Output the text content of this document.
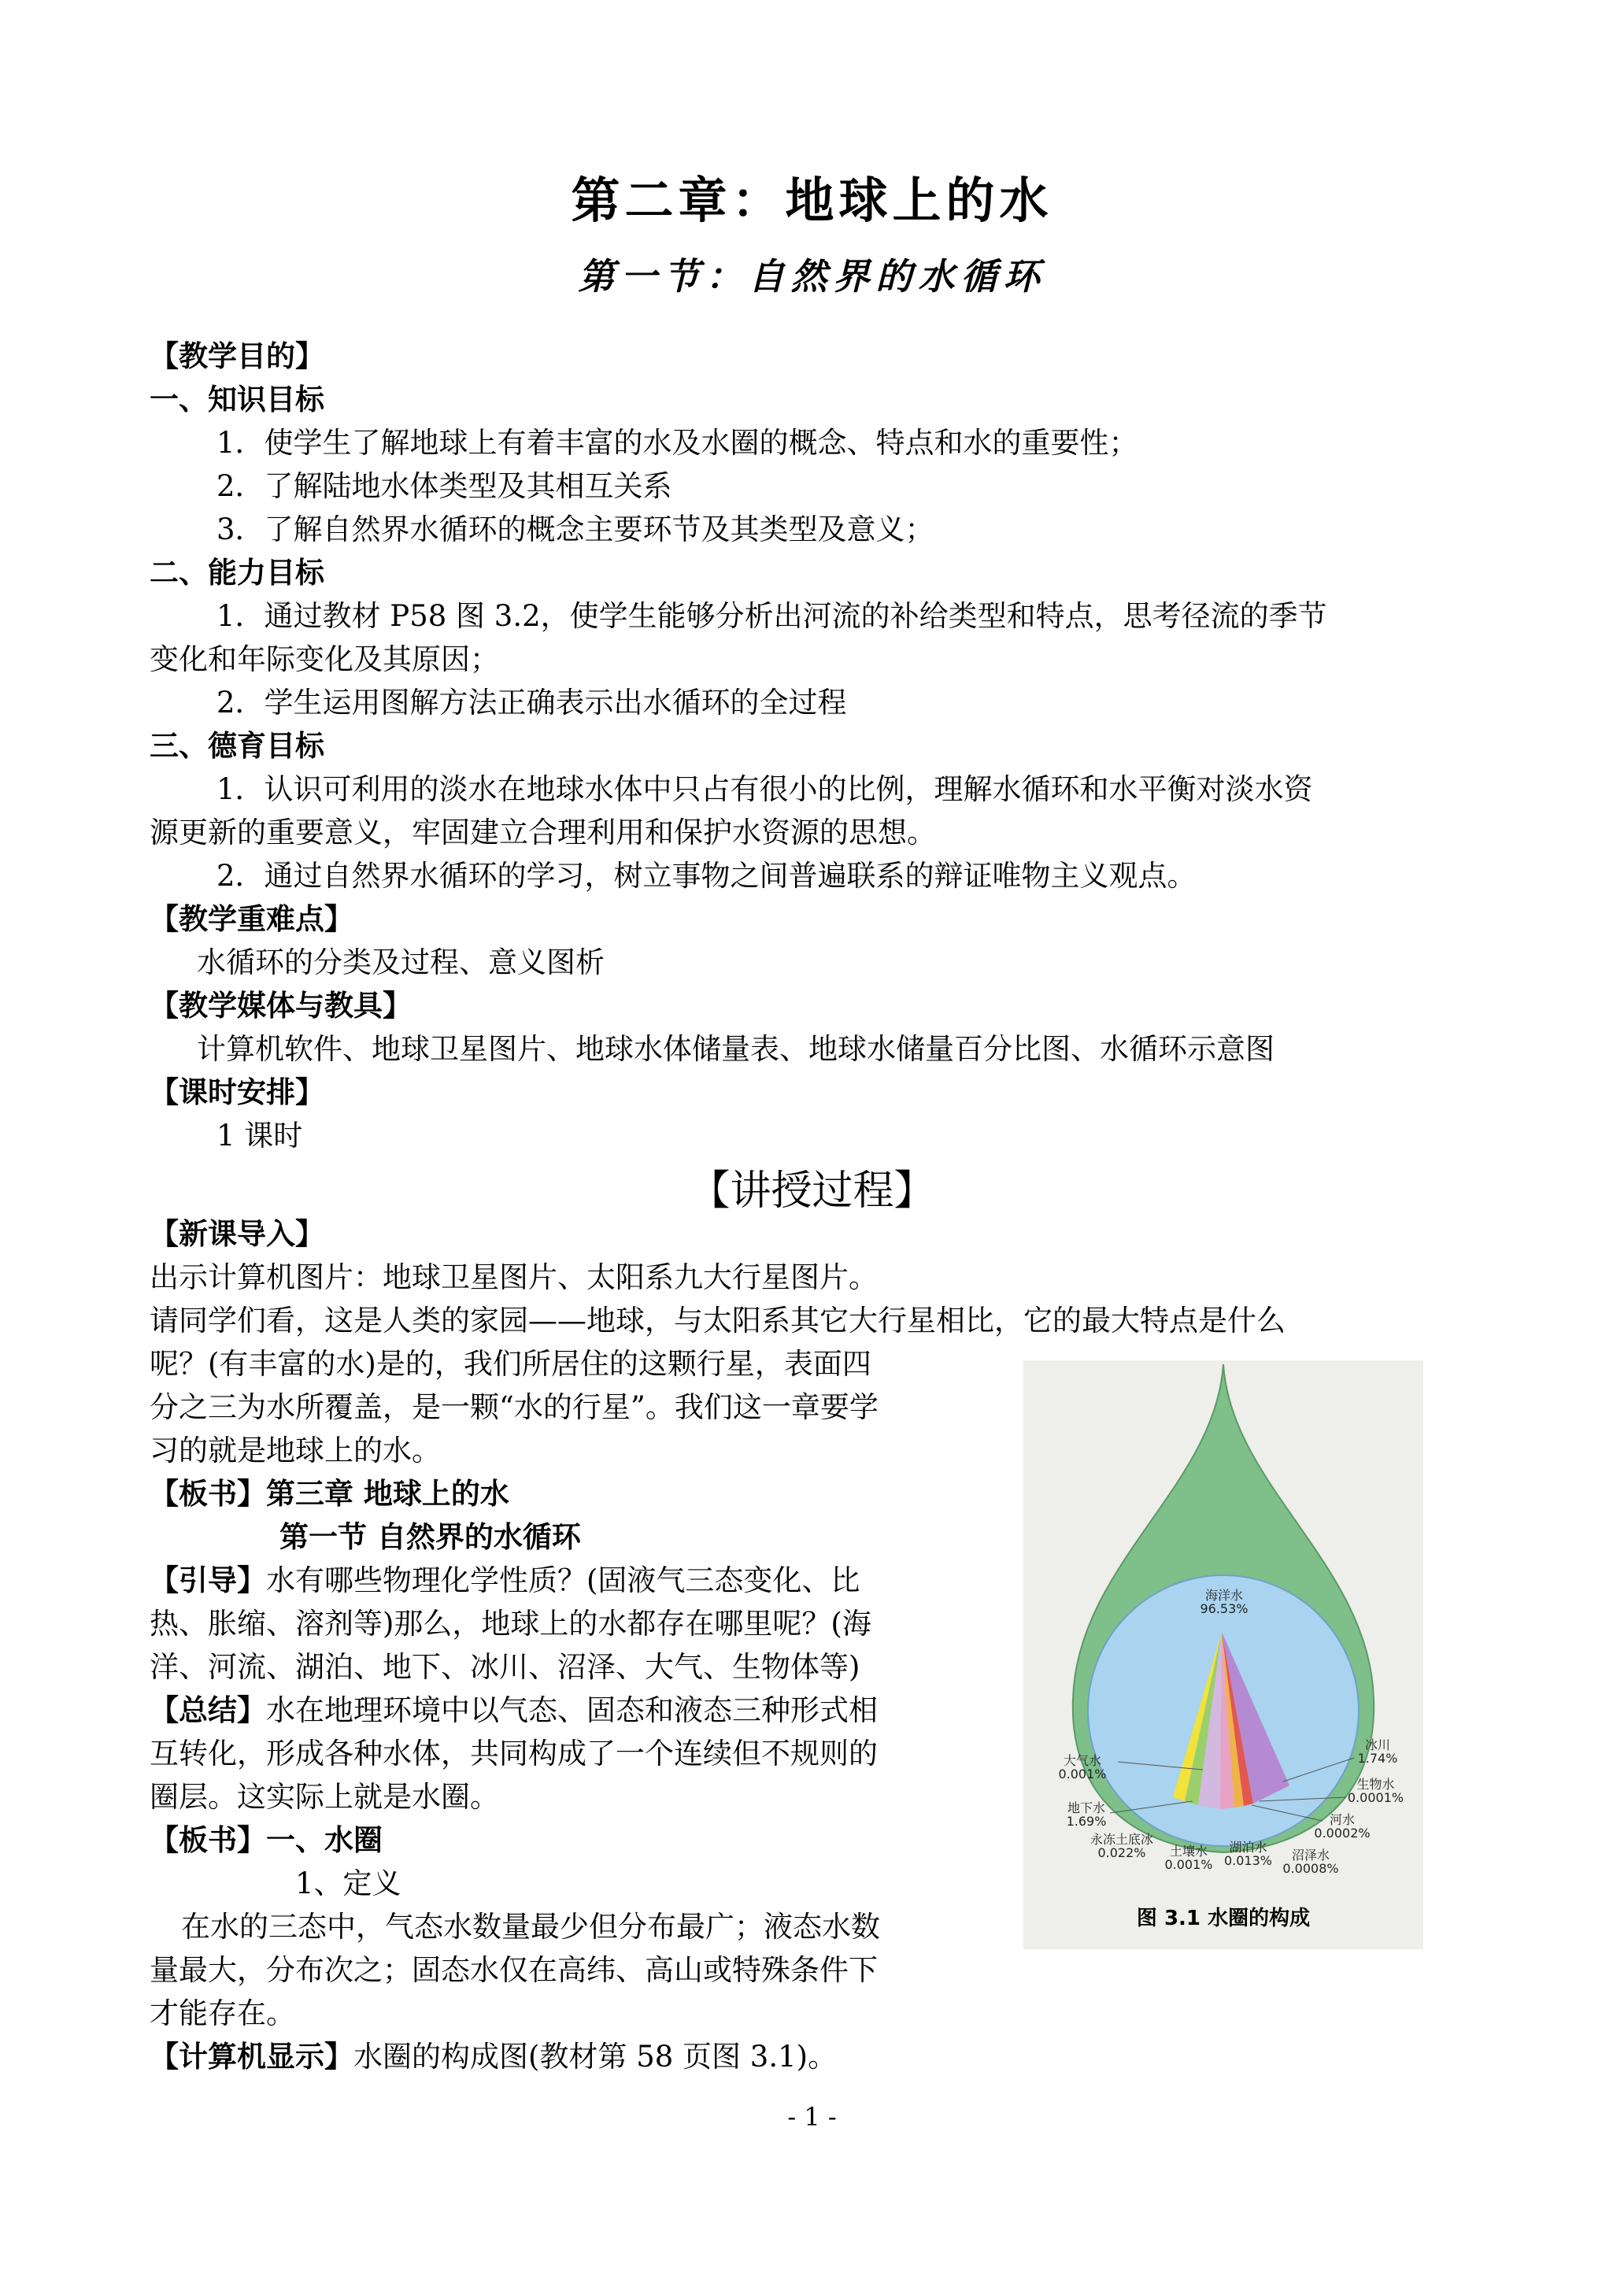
第二章：地球上的水
第一节：自然界的水循环
【教学目的】
一、知识目标
1．使学生了解地球上有着丰富的水及水圈的概念、特点和水的重要性；
2．了解陆地水体类型及其相互关系
3．了解自然界水循环的概念主要环节及其类型及意义；
二、能力目标
1．通过教材 P58 图 3.2，使学生能够分析出河流的补给类型和特点，思考径流的季节
变化和年际变化及其原因；
2．学生运用图解方法正确表示出水循环的全过程
三、德育目标
1．认识可利用的淡水在地球水体中只占有很小的比例，理解水循环和水平衡对淡水资
源更新的重要意义，牢固建立合理利用和保护水资源的思想。
2．通过自然界水循环的学习，树立事物之间普遍联系的辩证唯物主义观点。
【教学重难点】
水循环的分类及过程、意义图析
【教学媒体与教具】
计算机软件、地球卫星图片、地球水体储量表、地球水储量百分比图、水循环示意图
【课时安排】
1 课时
【讲授过程】
【新课导入】
出示计算机图片：地球卫星图片、太阳系九大行星图片。
请同学们看，这是人类的家园——地球，与太阳系其它大行星相比，它的最大特点是什么
呢？(有丰富的水)是的，我们所居住的这颗行星，表面四
分之三为水所覆盖，是一颗“水的行星”。我们这一章要学
习的就是地球上的水。
【板书】第三章 地球上的水
第一节 自然界的水循环
【引导】水有哪些物理化学性质？(固液气三态变化、比
热、胀缩、溶剂等)那么，地球上的水都存在哪里呢？(海
洋、河流、湖泊、地下、冰川、沼泽、大气、生物体等)
【总结】水在地理环境中以气态、固态和液态三种形式相
互转化，形成各种水体，共同构成了一个连续但不规则的
圈层。这实际上就是水圈。
【板书】一、水圈
1、定义
在水的三态中，气态水数量最少但分布最广；液态水数
量最大，分布次之；固态水仅在高纬、高山或特殊条件下
才能存在。
【计算机显示】水圈的构成图(教材第 58 页图 3.1)。
海洋水
96.53%
冰川
1.74%
大气水
0.001%
生物水
0.0001%
地下水
1.69%	河水
0.0002%
永冻土底冰
0.022%	土壤水
0.001%
湖泊水
0.013%	沼泽水
0.0008%
图 3.1 水圈的构成
- 1 -
